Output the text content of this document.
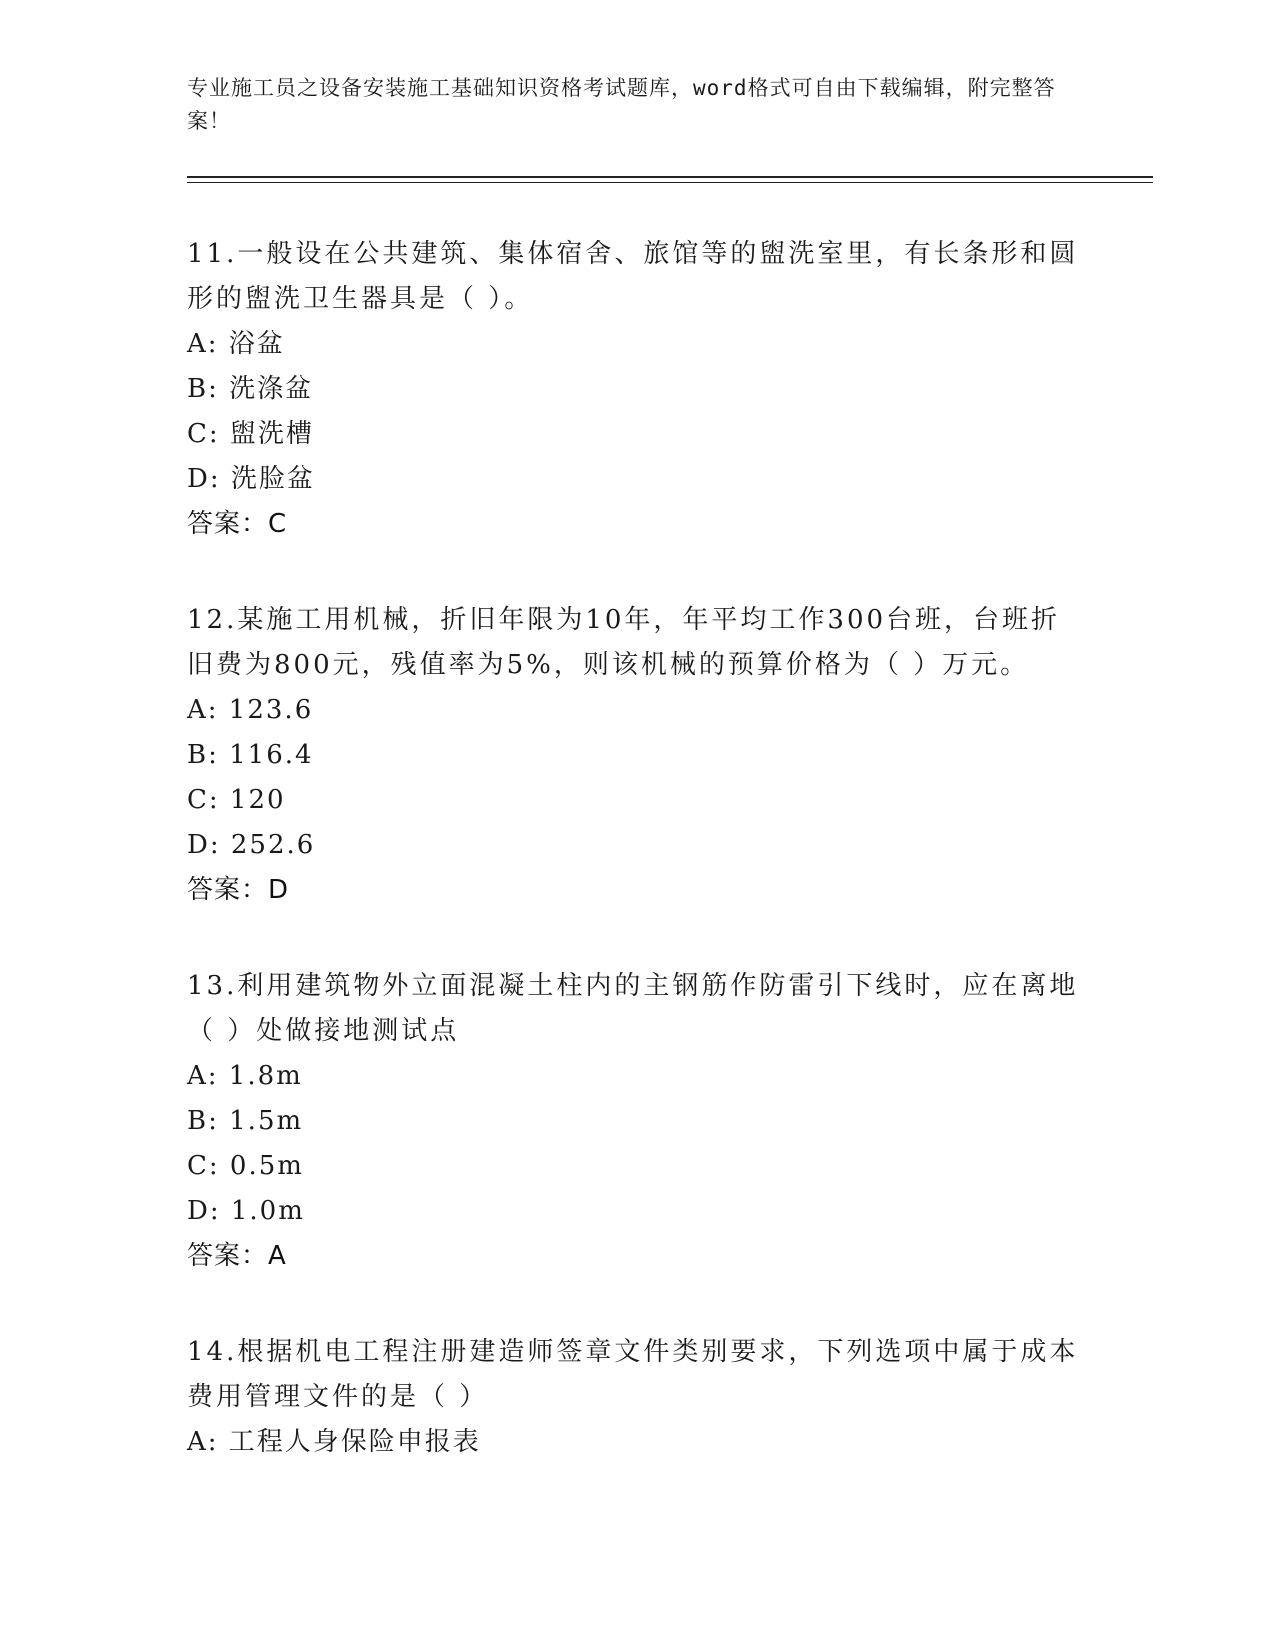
专业施工员之设备安装施工基础知识资格考试题库，word格式可自由下载编辑，附完整答案！

11.一般设在公共建筑、集体宿舍、旅馆等的盥洗室里，有长条形和圆形的盥洗卫生器具是（ ）。

A: 浴盆

B: 洗涤盆

C: 盥洗槽

D: 洗脸盆

答案：C

12.某施工用机械，折旧年限为10年，年平均工作300台班，台班折旧费为800元，残值率为5%，则该机械的预算价格为（ ）万元。

A: 123.6

B: 116.4

C: 120

D: 252.6

答案：D

13.利用建筑物外立面混凝土柱内的主钢筋作防雷引下线时，应在离地（ ）处做接地测试点

A: 1.8m

B: 1.5m

C: 0.5m

D: 1.0m

答案：A

14.根据机电工程注册建造师签章文件类别要求，下列选项中属于成本费用管理文件的是（ ）

A: 工程人身保险申报表
